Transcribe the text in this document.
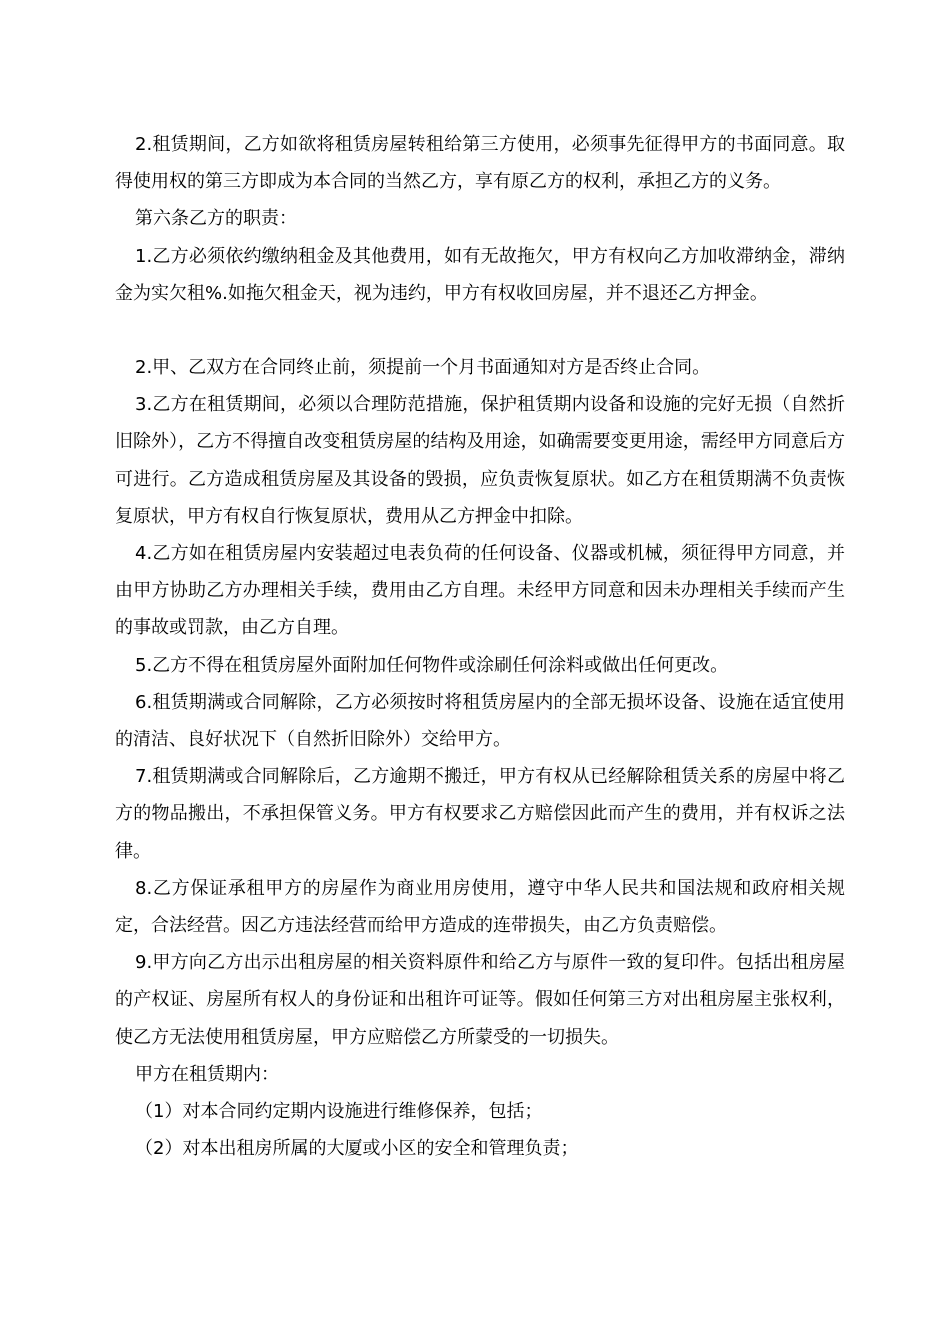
2.租赁期间，乙方如欲将租赁房屋转租给第三方使用，必须事先征得甲方的书面同意。取得使用权的第三方即成为本合同的当然乙方，享有原乙方的权利，承担乙方的义务。

第六条乙方的职责：

1.乙方必须依约缴纳租金及其他费用，如有无故拖欠，甲方有权向乙方加收滞纳金，滞纳金为实欠租%.如拖欠租金天，视为违约，甲方有权收回房屋，并不退还乙方押金。

2.甲、乙双方在合同终止前，须提前一个月书面通知对方是否终止合同。

3.乙方在租赁期间，必须以合理防范措施，保护租赁期内设备和设施的完好无损（自然折旧除外），乙方不得擅自改变租赁房屋的结构及用途，如确需要变更用途，需经甲方同意后方可进行。乙方造成租赁房屋及其设备的毁损，应负责恢复原状。如乙方在租赁期满不负责恢复原状，甲方有权自行恢复原状，费用从乙方押金中扣除。

4.乙方如在租赁房屋内安装超过电表负荷的任何设备、仪器或机械，须征得甲方同意，并由甲方协助乙方办理相关手续，费用由乙方自理。未经甲方同意和因未办理相关手续而产生的事故或罚款，由乙方自理。

5.乙方不得在租赁房屋外面附加任何物件或涂刷任何涂料或做出任何更改。

6.租赁期满或合同解除，乙方必须按时将租赁房屋内的全部无损坏设备、设施在适宜使用的清洁、良好状况下（自然折旧除外）交给甲方。

7.租赁期满或合同解除后，乙方逾期不搬迁，甲方有权从已经解除租赁关系的房屋中将乙方的物品搬出，不承担保管义务。甲方有权要求乙方赔偿因此而产生的费用，并有权诉之法律。

8.乙方保证承租甲方的房屋作为商业用房使用，遵守中华人民共和国法规和政府相关规定，合法经营。因乙方违法经营而给甲方造成的连带损失，由乙方负责赔偿。

9.甲方向乙方出示出租房屋的相关资料原件和给乙方与原件一致的复印件。包括出租房屋的产权证、房屋所有权人的身份证和出租许可证等。假如任何第三方对出租房屋主张权利，使乙方无法使用租赁房屋，甲方应赔偿乙方所蒙受的一切损失。

甲方在租赁期内：

（1）对本合同约定期内设施进行维修保养，包括；

（2）对本出租房所属的大厦或小区的安全和管理负责；
